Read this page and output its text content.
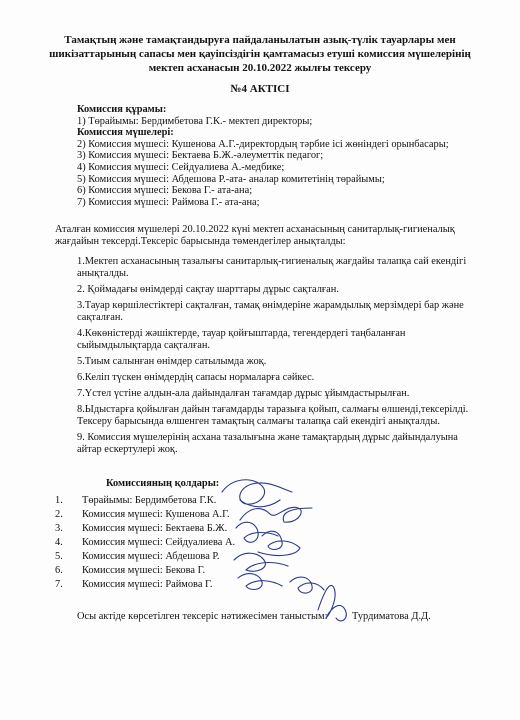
Тамақтың және тамақтандыруға пайдаланылатын азық-түлік тауарлары мен
шикізаттарының сапасы мен қауіпсіздігін қамтамасыз етуші комиссия мүшелерінің
мектеп асханасын 20.10.2022 жылғы тексеру
№4 АКТІСІ
Комиссия құрамы:
1) Төрайымы: Бердимбетова Г.К.- мектеп директоры;
Комиссия мүшелері:
2) Комиссия мүшесі: Кушенова А.Г.-директордың тәрбие ісі жөніндегі орынбасары;
3) Комиссия мүшесі: Бектаева Б.Ж.-әлеуметтік педагог;
4) Комиссия мүшесі: Сейдуалиева А.-медбике;
5) Комиссия мүшесі: Абдешова Р.-ата- аналар комитетінің төрайымы;
6) Комиссия мүшесі: Бекова Г.- ата-ана;
7) Комиссия мүшесі: Раймова Г.- ата-ана;
Аталған комиссия мүшелері 20.10.2022 күні мектеп асханасының санитарлық-гигиеналық жағдайын тексерді.Тексеріс барысында төмендегілер анықталды:
1.Мектеп асханасының тазалығы санитарлық-гигиеналық жағдайы талапқа сай екендігі анықталды.
2. Қоймадағы өнімдерді сақтау шарттары дұрыс сақталған.
3.Тауар көршілестіктері сақталған, тамақ өнімдеріне жарамдылық мерзімдері бар және сақталған.
4.Көкөністерді жәшіктерде, тауар қойғыштарда, тегендердегі таңбаланған сыйымдылықтарда сақталған.
5.Тиым салынған өнімдер сатылымда жоқ.
6.Келіп түскен өнімдердің сапасы нормаларға сәйкес.
7.Үстел үстіне алдын-ала дайындалған тағамдар дұрыс ұйымдастырылған.
8.Ыдыстарға қойылған дайын тағамдарды таразыға қойып, салмағы өлшенді,тексерілді. Тексеру барысында өлшенген тамақтың салмағы талапқа сай екендігі анықталды.
9. Комиссия мүшелерінің асхана тазалығына және тамақтардың дұрыс дайындалуына айтар ескертулері жоқ.
Комиссияның қолдары:
1. Төрайымы: Бердимбетова Г.К.
2. Комиссия мүшесі: Кушенова А.Г.
3. Комиссия мүшесі: Бектаева Б.Ж.
4. Комиссия мүшесі: Сейдуалиева А.
5. Комиссия мүшесі: Абдешова Р.
6. Комиссия мүшесі: Бекова Г.
7. Комиссия мүшесі: Раймова Г.
Осы актіде көрсетілген тексеріс нәтижесімен таныстым: Турдиматова Д.Д.
